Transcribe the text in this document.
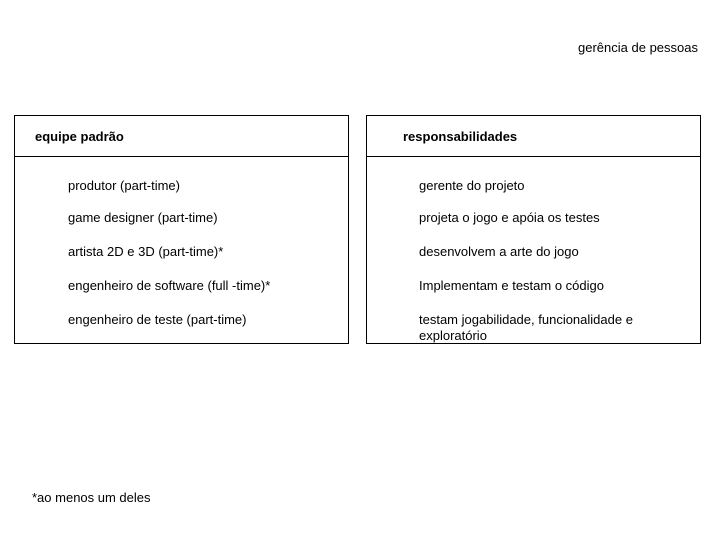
gerência de pessoas
equipe padrão
produtor (part-time)
game designer (part-time)
artista 2D e 3D (part-time)*
engenheiro de software (full -time)*
engenheiro de teste (part-time)
responsabilidades
gerente do projeto
projeta o jogo e apóia os testes
desenvolvem a arte do jogo
Implementam e testam o código
testam jogabilidade, funcionalidade e exploratório
*ao menos um deles
